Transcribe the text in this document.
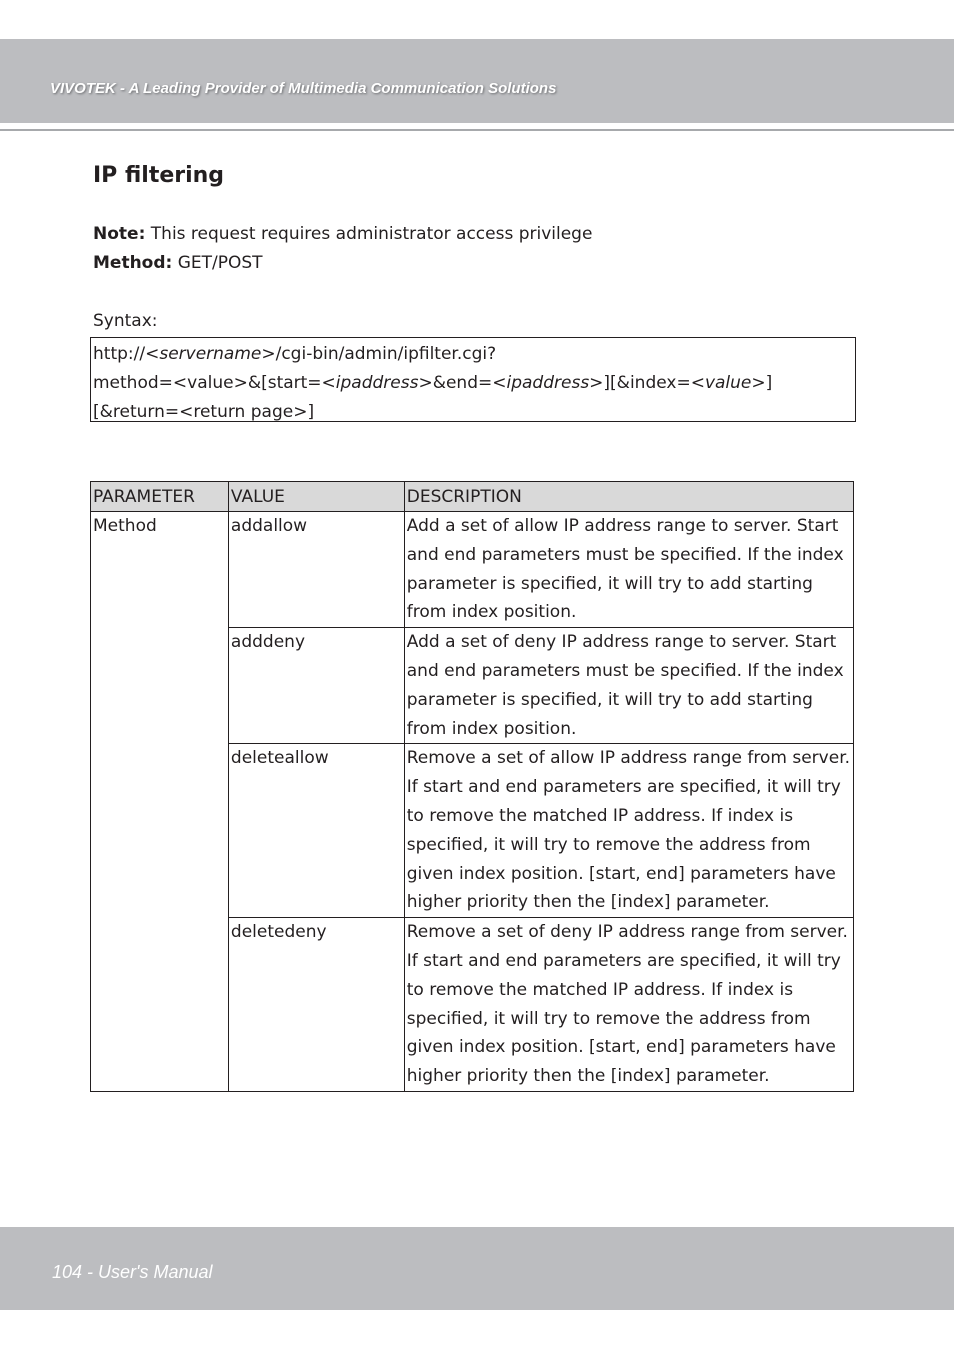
VIVOTEK - A Leading Provider of Multimedia Communication Solutions
IP filtering
Note: This request requires administrator access privilege
Method: GET/POST
Syntax:
http://<servername>/cgi-bin/admin/ipfilter.cgi?
method=<value>&[start=<ipaddress>&end=<ipaddress>][&index=<value>]
[&return=<return page>]
PARAMETER	VALUE	DESCRIPTION
Method	addallow	Add a set of allow IP address range to server. Start and end parameters must be specified. If the index parameter is specified, it will try to add starting from index position.
	adddeny	Add a set of deny IP address range to server. Start and end parameters must be specified. If the index parameter is specified, it will try to add starting from index position.
	deleteallow	Remove a set of allow IP address range from server. If start and end parameters are specified, it will try to remove the matched IP address. If index is specified, it will try to remove the address from given index position. [start, end] parameters have higher priority then the [index] parameter.
	deletedeny	Remove a set of deny IP address range from server. If start and end parameters are specified, it will try to remove the matched IP address. If index is specified, it will try to remove the address from given index position. [start, end] parameters have higher priority then the [index] parameter.
104 - User's Manual
